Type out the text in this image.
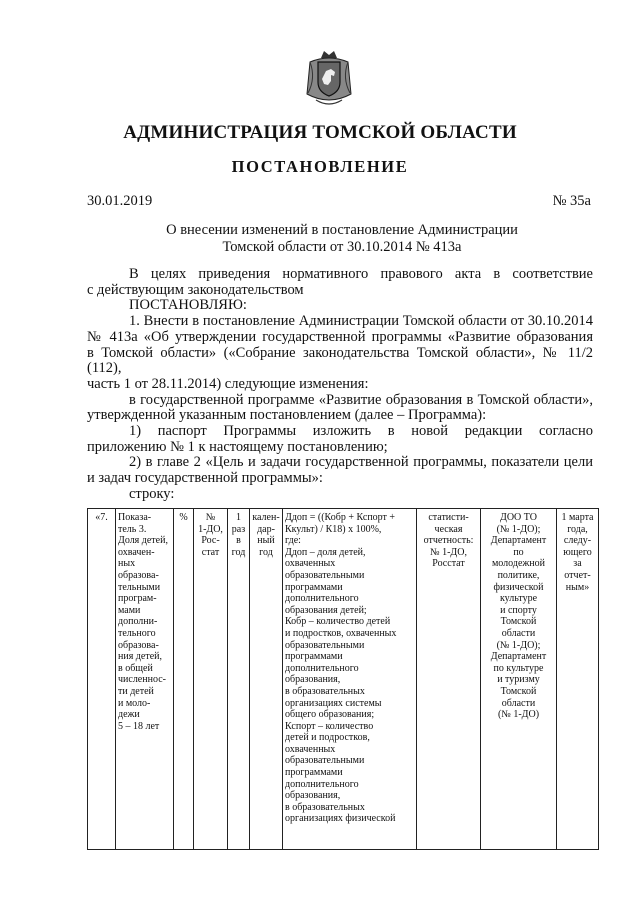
АДМИНИСТРАЦИЯ ТОМСКОЙ ОБЛАСТИ
ПОСТАНОВЛЕНИЕ
30.01.2019	№ 35а
О внесении изменений в постановление Администрации
Томской области от 30.10.2014 № 413а

В целях приведения нормативного правового акта в соответствие

с действующим законодательством

ПОСТАНОВЛЯЮ:

1. Внести в постановление Администрации Томской области от 30.10.2014

№ 413а «Об утверждении государственной программы «Развитие образования

в Томской области» («Собрание законодательства Томской области», № 11/2 (112),

часть 1 от 28.11.2014) следующие изменения:

в государственной программе «Развитие образования в Томской области»,

утвержденной указанным постановлением (далее – Программа):

1) паспорт Программы изложить в новой редакции согласно

приложению № 1 к настоящему постановлению;

2) в главе 2 «Цель и задачи государственной программы, показатели цели

и задач государственной программы»:

строку:

«7.	Показа-
тель 3.
Доля детей,
охвачен-
ных
образова-
тельными
програм-
мами
дополни-
тельного
образова-
ния детей,
в общей
численнос-
ти детей
и моло-
дежи
5 – 18 лет	%	№
1-ДО,
Рос-
стат	1
раз
в
год	кален-
дар-
ный
год	Ддоп = ((Кобр + Кспорт +
Ккульт) / К18) x 100%,
где:
Ддоп – доля детей,
охваченных
образовательными
программами
дополнительного
образования детей;
Кобр – количество детей
и подростков, охваченных
образовательными
программами
дополнительного
образования,
в образовательных
организациях системы
общего образования;
Кспорт – количество
детей и подростков,
охваченных
образовательными
программами
дополнительного
образования,
в образовательных
организациях физической	статисти-
ческая
отчетность:
№ 1-ДО,
Росстат	ДОО ТО
(№ 1-ДО);
Департамент
по
молодежной
политике,
физической
культуре
и спорту
Томской
области
(№ 1-ДО);
Департамент
по культуре
и туризму
Томской
области
(№ 1-ДО)	1 марта
года,
следу-
ющего
за
отчет-
ным»
